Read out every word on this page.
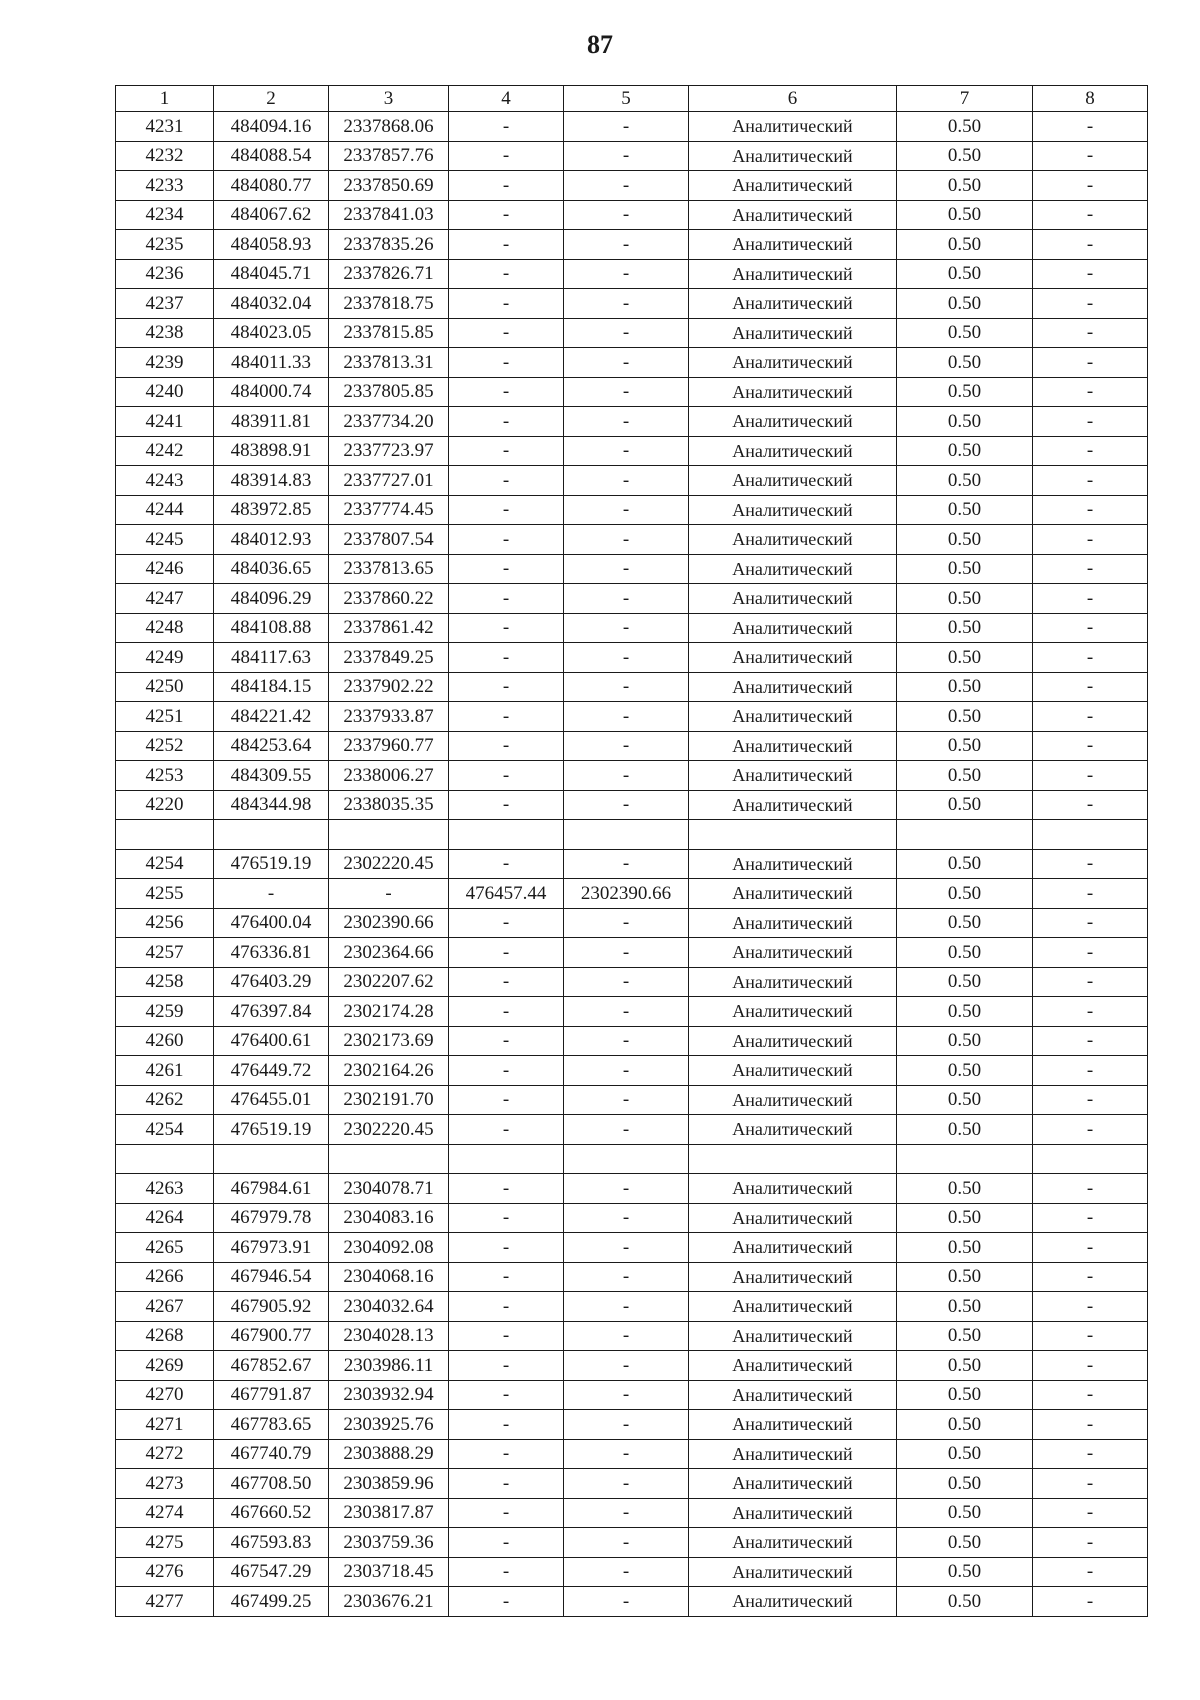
87
1	2	3	4	5	6	7	8
4231	484094.16	2337868.06	-	-	Аналитический	0.50	-
4232	484088.54	2337857.76	-	-	Аналитический	0.50	-
4233	484080.77	2337850.69	-	-	Аналитический	0.50	-
4234	484067.62	2337841.03	-	-	Аналитический	0.50	-
4235	484058.93	2337835.26	-	-	Аналитический	0.50	-
4236	484045.71	2337826.71	-	-	Аналитический	0.50	-
4237	484032.04	2337818.75	-	-	Аналитический	0.50	-
4238	484023.05	2337815.85	-	-	Аналитический	0.50	-
4239	484011.33	2337813.31	-	-	Аналитический	0.50	-
4240	484000.74	2337805.85	-	-	Аналитический	0.50	-
4241	483911.81	2337734.20	-	-	Аналитический	0.50	-
4242	483898.91	2337723.97	-	-	Аналитический	0.50	-
4243	483914.83	2337727.01	-	-	Аналитический	0.50	-
4244	483972.85	2337774.45	-	-	Аналитический	0.50	-
4245	484012.93	2337807.54	-	-	Аналитический	0.50	-
4246	484036.65	2337813.65	-	-	Аналитический	0.50	-
4247	484096.29	2337860.22	-	-	Аналитический	0.50	-
4248	484108.88	2337861.42	-	-	Аналитический	0.50	-
4249	484117.63	2337849.25	-	-	Аналитический	0.50	-
4250	484184.15	2337902.22	-	-	Аналитический	0.50	-
4251	484221.42	2337933.87	-	-	Аналитический	0.50	-
4252	484253.64	2337960.77	-	-	Аналитический	0.50	-
4253	484309.55	2338006.27	-	-	Аналитический	0.50	-
4220	484344.98	2338035.35	-	-	Аналитический	0.50	-

4254	476519.19	2302220.45	-	-	Аналитический	0.50	-
4255	-	-	476457.44	2302390.66	Аналитический	0.50	-
4256	476400.04	2302390.66	-	-	Аналитический	0.50	-
4257	476336.81	2302364.66	-	-	Аналитический	0.50	-
4258	476403.29	2302207.62	-	-	Аналитический	0.50	-
4259	476397.84	2302174.28	-	-	Аналитический	0.50	-
4260	476400.61	2302173.69	-	-	Аналитический	0.50	-
4261	476449.72	2302164.26	-	-	Аналитический	0.50	-
4262	476455.01	2302191.70	-	-	Аналитический	0.50	-
4254	476519.19	2302220.45	-	-	Аналитический	0.50	-

4263	467984.61	2304078.71	-	-	Аналитический	0.50	-
4264	467979.78	2304083.16	-	-	Аналитический	0.50	-
4265	467973.91	2304092.08	-	-	Аналитический	0.50	-
4266	467946.54	2304068.16	-	-	Аналитический	0.50	-
4267	467905.92	2304032.64	-	-	Аналитический	0.50	-
4268	467900.77	2304028.13	-	-	Аналитический	0.50	-
4269	467852.67	2303986.11	-	-	Аналитический	0.50	-
4270	467791.87	2303932.94	-	-	Аналитический	0.50	-
4271	467783.65	2303925.76	-	-	Аналитический	0.50	-
4272	467740.79	2303888.29	-	-	Аналитический	0.50	-
4273	467708.50	2303859.96	-	-	Аналитический	0.50	-
4274	467660.52	2303817.87	-	-	Аналитический	0.50	-
4275	467593.83	2303759.36	-	-	Аналитический	0.50	-
4276	467547.29	2303718.45	-	-	Аналитический	0.50	-
4277	467499.25	2303676.21	-	-	Аналитический	0.50	-
